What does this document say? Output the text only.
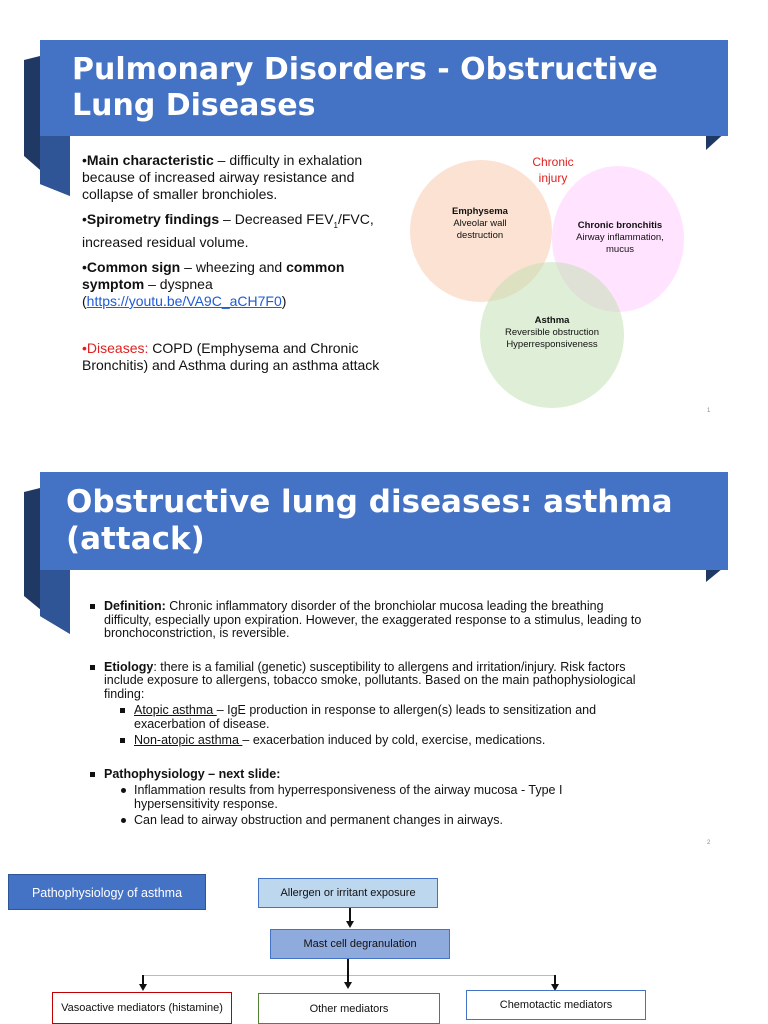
Pulmonary Disorders - Obstructive Lung Diseases

•Main characteristic – difficulty in exhalation because of increased airway resistance and collapse of smaller bronchioles.

•Spirometry findings – Decreased $FEV_1$/FVC, increased residual volume.

•Common sign – wheezing and common symptom – dyspnea (https://youtu.be/VA9C_aCH7F0)

•Diseases: COPD (Emphysema and Chronic Bronchitis) and Asthma during an asthma attack

Chronic injury
Emphysema
Alveolar wall destruction
Chronic bronchitis
Airway inflammation, mucus
Asthma
Reversible obstruction
Hyperresponsiveness
1
Obstructive lung diseases: asthma (attack)
Definition: Chronic inflammatory disorder of the bronchiolar mucosa leading the breathing difficulty, especially upon expiration. However, the exaggerated response to a stimulus, leading to bronchoconstriction, is reversible.
Etiology: there is a familial (genetic) susceptibility to allergens and irritation/injury. Risk factors include exposure to allergens, tobacco smoke, pollutants. Based on the main pathophysiological finding:
Atopic asthma – IgE production in response to allergen(s) leads to sensitization and exacerbation of disease.
Non-atopic asthma – exacerbation induced by cold, exercise, medications.
Pathophysiology – next slide:
Inflammation results from hyperresponsiveness of the airway mucosa - Type I hypersensitivity response.
Can lead to airway obstruction and permanent changes in airways.
2
Pathophysiology of asthma	Allergen or irritant exposure
Mast cell degranulation
Vasoactive mediators (histamine)	Other mediators	Chemotactic mediators
